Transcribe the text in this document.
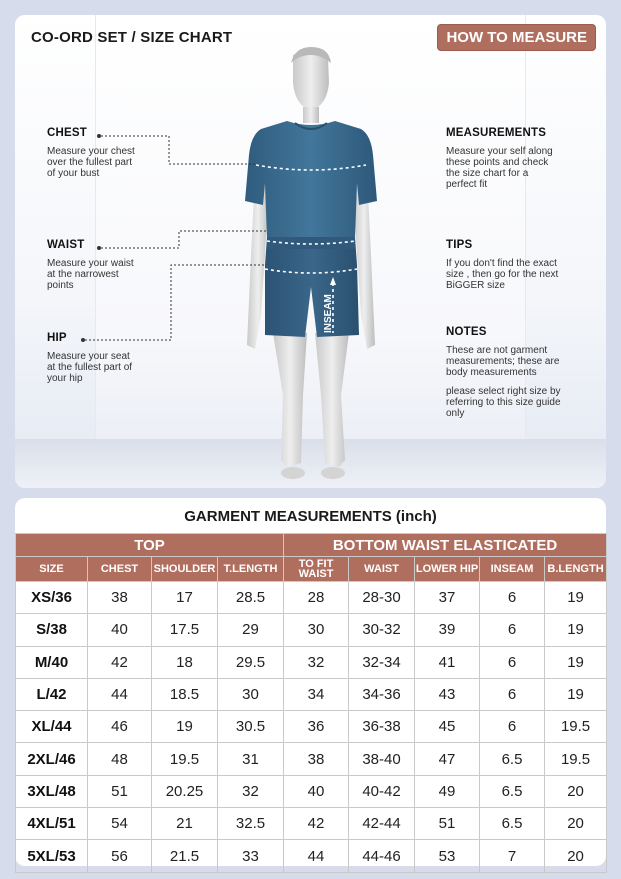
INSEAM
CO-ORD SET / SIZE CHART	HOW TO MEASURE
CHEST
Measure your chest
over the fullest part
of your bust
WAIST
Measure your waist
at the narrowest
points
HIP
Measure your seat
at the fullest part of
your hip
MEASUREMENTS
Measure your self along
these points and check
the size chart for a
perfect fit
TIPS
If you don't find the exact
size , then go for the next
BiGGER size
NOTES
These are not garment
measurements; these are
body measurements
please select right size by
referring to this size guide
only
GARMENT MEASUREMENTS (inch)
TOP				BOTTOM WAIST ELASTICATED				
SIZE	CHEST	SHOULDER	T.LENGTH	TO FIT WAIST	WAIST	LOWER HIP	INSEAM	B.LENGTH
XS/36	38	17	28.5	28	28-30	37	6	19
S/38	40	17.5	29	30	30-32	39	6	19
M/40	42	18	29.5	32	32-34	41	6	19
L/42	44	18.5	30	34	34-36	43	6	19
XL/44	46	19	30.5	36	36-38	45	6	19.5
2XL/46	48	19.5	31	38	38-40	47	6.5	19.5
3XL/48	51	20.25	32	40	40-42	49	6.5	20
4XL/51	54	21	32.5	42	42-44	51	6.5	20
5XL/53	56	21.5	33	44	44-46	53	7	20
